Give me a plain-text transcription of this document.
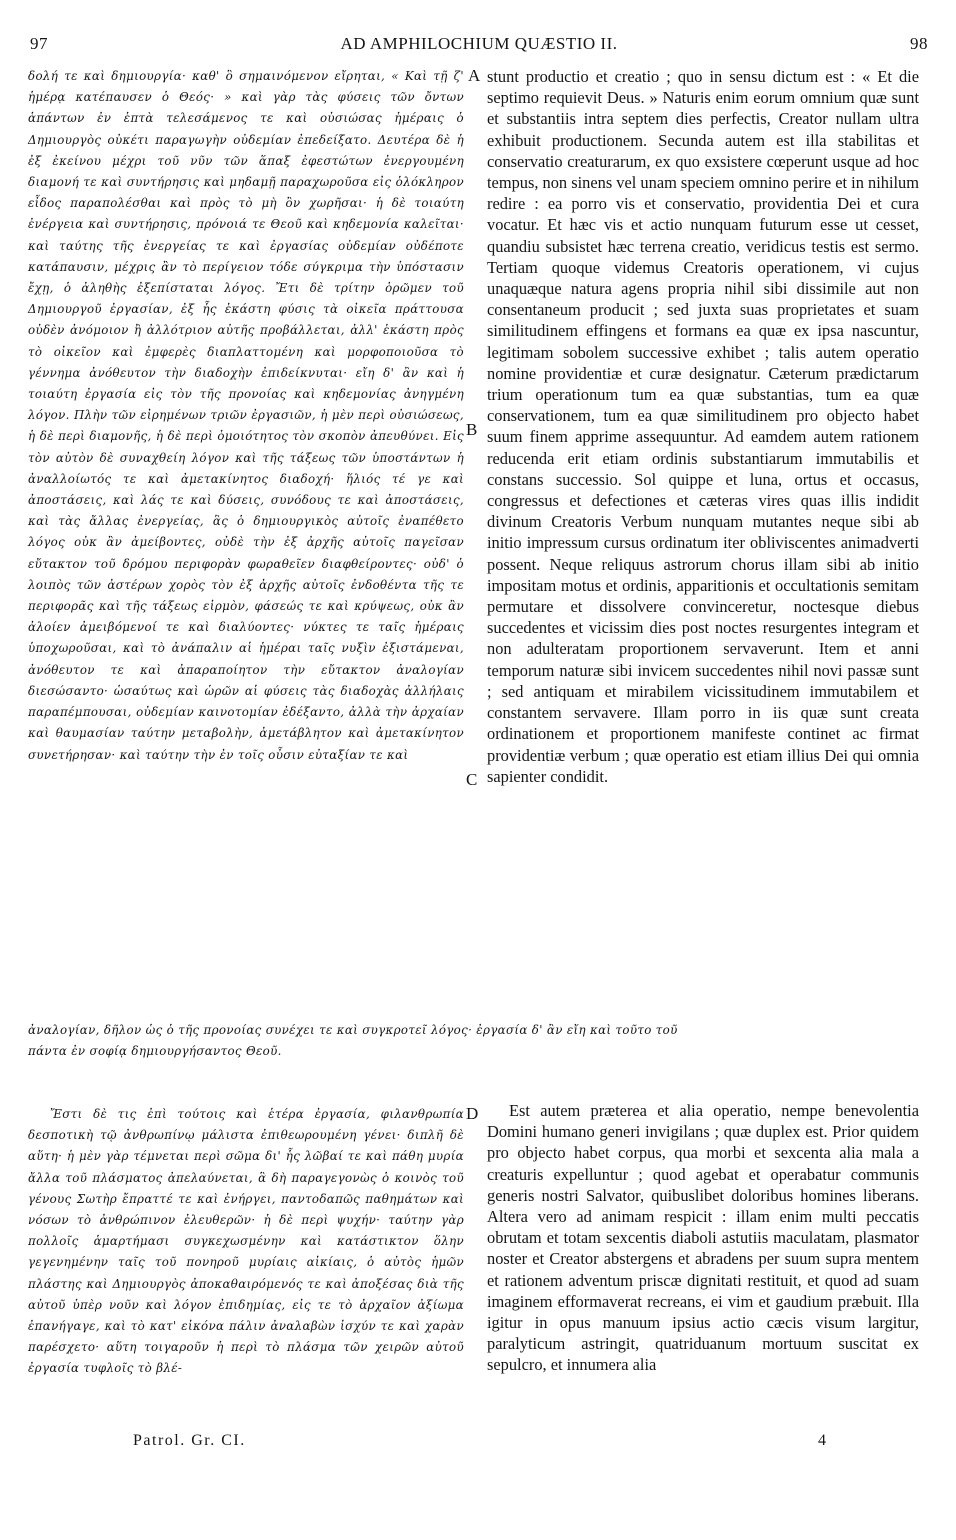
97	AD AMPHILOCHIUM QUÆSTIO II.	98

δολή τε καὶ δημιουργία· καθ' ὃ σημαινόμενον εἴρηται, « Καὶ τῇ ζ' ἡμέρᾳ κατέπαυσεν ὁ Θεός· » καὶ γὰρ τὰς φύσεις τῶν ὄντων ἁπάντων ἐν ἑπτὰ τελεσάμενος τε καὶ οὐσιώσας ἡμέραις ὁ Δημιουργὸς οὐκέτι παραγωγὴν οὐδεμίαν ἐπεδείξατο. Δευτέρα δὲ ἡ ἐξ ἐκείνου μέχρι τοῦ νῦν τῶν ἅπαξ ἐφεστώτων ἐνεργουμένη διαμονή τε καὶ συντήρησις καὶ μηδαμῇ παραχωροῦσα εἰς ὁλόκληρον εἶδος παραπολέσθαι καὶ πρὸς τὸ μὴ ὂν χωρῆσαι· ἡ δὲ τοιαύτη ἐνέργεια καὶ συντήρησις, πρόνοιά τε Θεοῦ καὶ κηδεμονία καλεῖται· καὶ ταύτης τῆς ἐνεργείας τε καὶ ἐργασίας οὐδεμίαν οὐδέποτε κατάπαυσιν, μέχρις ἂν τὸ περίγειον τόδε σύγκριμα τὴν ὑπόστασιν ἔχῃ, ὁ ἀληθὴς ἐξεπίσταται λόγος. Ἔτι δὲ τρίτην ὁρῶμεν τοῦ Δημιουργοῦ ἐργασίαν, ἐξ ἧς ἑκάστη φύσις τὰ οἰκεῖα πράττουσα οὐδὲν ἀνόμοιον ἢ ἀλλότριον αὐτῆς προβάλλεται, ἀλλ' ἑκάστη πρὸς τὸ οἰκεῖον καὶ ἐμφερὲς διαπλαττομένη καὶ μορφοποιοῦσα τὸ γέννημα ἀνόθευτον τὴν διαδοχὴν ἐπιδείκνυται· εἴη δ' ἂν καὶ ἡ τοιαύτη ἐργασία εἰς τὸν τῆς προνοίας καὶ κηδεμονίας ἀνηγμένη λόγον. Πλὴν τῶν εἰρημένων τριῶν ἐργασιῶν, ἡ μὲν περὶ οὐσιώσεως, ἡ δὲ περὶ διαμονῆς, ἡ δὲ περὶ ὁμοιότητος τὸν σκοπὸν ἀπευθύνει. Εἰς τὸν αὐτὸν δὲ συναχθείη λόγον καὶ τῆς τάξεως τῶν ὑποστάντων ἡ ἀναλλοίωτός τε καὶ ἀμετακίνητος διαδοχή· ἥλιός τέ γε καὶ ἀποστάσεις, καὶ λάς τε καὶ δύσεις, συνόδους τε καὶ ἀποστάσεις, καὶ τὰς ἄλλας ἐνεργείας, ἃς ὁ δημιουργικὸς αὐτοῖς ἐναπέθετο λόγος οὐκ ἂν ἀμείβοντες, οὐδὲ τὴν ἐξ ἀρχῆς αὐτοῖς παγεῖσαν εὔτακτον τοῦ δρόμου περιφορὰν φωραθεῖεν διαφθείροντες· οὐδ' ὁ λοιπὸς τῶν ἀστέρων χορὸς τὸν ἐξ ἀρχῆς αὐτοῖς ἐνδοθέντα τῆς τε περιφορᾶς καὶ τῆς τάξεως εἱρμὸν, φάσεώς τε καὶ κρύψεως, οὐκ ἂν ἀλοίεν ἀμειβόμενοί τε καὶ διαλύοντες· νύκτες τε ταῖς ἡμέραις ὑποχωροῦσαι, καὶ τὸ ἀνάπαλιν αἱ ἡμέραι ταῖς νυξὶν ἐξιστάμεναι, ἀνόθευτον τε καὶ ἀπαραποίητον τὴν εὔτακτον ἀναλογίαν διεσώσαντο· ὡσαύτως καὶ ὡρῶν αἱ φύσεις τὰς διαδοχὰς ἀλλήλαις παραπέμπουσαι, οὐδεμίαν καινοτομίαν ἐδέξαντο, ἀλλὰ τὴν ἀρχαίαν καὶ θαυμασίαν ταύτην μεταβολὴν, ἀμετάβλητον καὶ ἀμετακίνητον συνετήρησαν· καὶ ταύτην τὴν ἐν τοῖς οὖσιν εὐταξίαν τε καὶ

ἀναλογίαν, δῆλον ὡς ὁ τῆς προνοίας συνέχει τε καὶ συγκροτεῖ λόγος· ἐργασία δ' ἂν εἴη καὶ τοῦτο τοῦ
πάντα ἐν σοφίᾳ δημιουργήσαντος Θεοῦ.

Ἔστι δὲ τις ἐπὶ τούτοις καὶ ἑτέρα ἐργασία, φιλανθρωπία δεσποτικὴ τῷ ἀνθρωπίνῳ μάλιστα ἐπιθεωρουμένη γένει· διπλῆ δὲ αὕτη· ἡ μὲν γὰρ τέμνεται περὶ σῶμα δι' ἧς λῶβαί τε καὶ πάθη μυρία ἄλλα τοῦ πλάσματος ἀπελαύνεται, ἃ δὴ παραγεγονὼς ὁ κοινὸς τοῦ γένους Σωτὴρ ἔπραττέ τε καὶ ἐνήργει, παντοδαπῶς παθημάτων καὶ νόσων τὸ ἀνθρώπινον ἐλευθερῶν· ἡ δὲ περὶ ψυχήν· ταύτην γὰρ πολλοῖς ἁμαρτήμασι συγκεχωσμένην καὶ κατάστικτον ὅλην γεγενημένην ταῖς τοῦ πονηροῦ μυρίαις αἰκίαις, ὁ αὐτὸς ἡμῶν πλάστης καὶ Δημιουργὸς ἀποκαθαιρόμενός τε καὶ ἀποξέσας διὰ τῆς αὐτοῦ ὑπὲρ νοῦν καὶ λόγον ἐπιδημίας, εἰς τε τὸ ἀρχαῖον ἀξίωμα ἐπανήγαγε, καὶ τὸ κατ' εἰκόνα πάλιν ἀναλαβὼν ἰσχύν τε καὶ χαρὰν παρέσχετο· αὕτη τοιγαροῦν ἡ περὶ τὸ πλάσμα τῶν χειρῶν αὐτοῦ ἐργασία τυφλοῖς τὸ βλέ-

stunt productio et creatio ; quo in sensu dictum est : « Et die septimo requievit Deus. » Naturis enim eorum omnium quæ sunt et substantiis intra septem dies perfectis, Creator nullam ultra exhibuit productionem. Secunda autem est illa stabilitas et conservatio creaturarum, ex quo exsistere cœperunt usque ad hoc tempus, non sinens vel unam speciem omnino perire et in nihilum redire : ea porro vis et conservatio, providentia Dei et cura vocatur. Et hæc vis et actio nunquam futurum esse ut cesset, quandiu subsistet hæc terrena creatio, veridicus testis est sermo. Tertiam quoque videmus Creatoris operationem, vi cujus unaquæque natura agens propria nihil sibi dissimile aut non consentaneum producit ; sed juxta suas proprietates et suam similitudinem effingens et formans ea quæ ex ipsa nascuntur, legitimam sobolem successive exhibet ; talis autem operatio nomine providentiæ et curæ designatur. Cæterum prædictarum trium operationum tum ea quæ substantias, tum ea quæ conservationem, tum ea quæ similitudinem pro objecto habet suum finem apprime assequuntur. Ad eamdem autem rationem reducenda erit etiam ordinis substantiarum immutabilis et constans successio. Sol quippe et luna, ortus et occasus, congressus et defectiones et cæteras vires quas illis indidit divinum Creatoris Verbum nunquam mutantes neque sibi ab initio impressum cursus ordinatum iter obliviscentes animadverti possent. Neque reliquus astrorum chorus illam sibi ab initio impositam motus et ordinis, apparitionis et occultationis semitam permutare et dissolvere convinceretur, noctesque diebus succedentes et vicissim dies post noctes resurgentes integram et non adulteratam proportionem servaverunt. Item et anni temporum naturæ sibi invicem succedentes nihil novi passæ sunt ; sed antiquam et mirabilem vicissitudinem immutabilem et constantem servavere. Illam porro in iis quæ sunt creata ordinationem et proportionem manifeste continet ac firmat providentiæ verbum ; quæ operatio est etiam illius Dei qui omnia sapienter condidit.

Est autem præterea et alia operatio, nempe benevolentia Domini humano generi invigilans ; quæ duplex est. Prior quidem pro objecto habet corpus, qua morbi et sexcenta alia mala a creaturis expelluntur ; quod agebat et operabatur communis generis nostri Salvator, quibuslibet doloribus homines liberans. Altera vero ad animam respicit : illam enim multi peccatis obrutam et totam sexcentis diaboli astutiis maculatam, plasmator noster et Creator abstergens et abradens per suum supra mentem et rationem adventum priscæ dignitati restituit, et quod ad suam imaginem efformaverat recreans, ei vim et gaudium præbuit. Illa igitur in opus manuum ipsius actio cæcis visum largitur, paralyticum astringit, quatriduanum mortuum suscitat ex sepulcro, et innumera alia

A
B
C
D
Patrol. Gr. CI.	4
